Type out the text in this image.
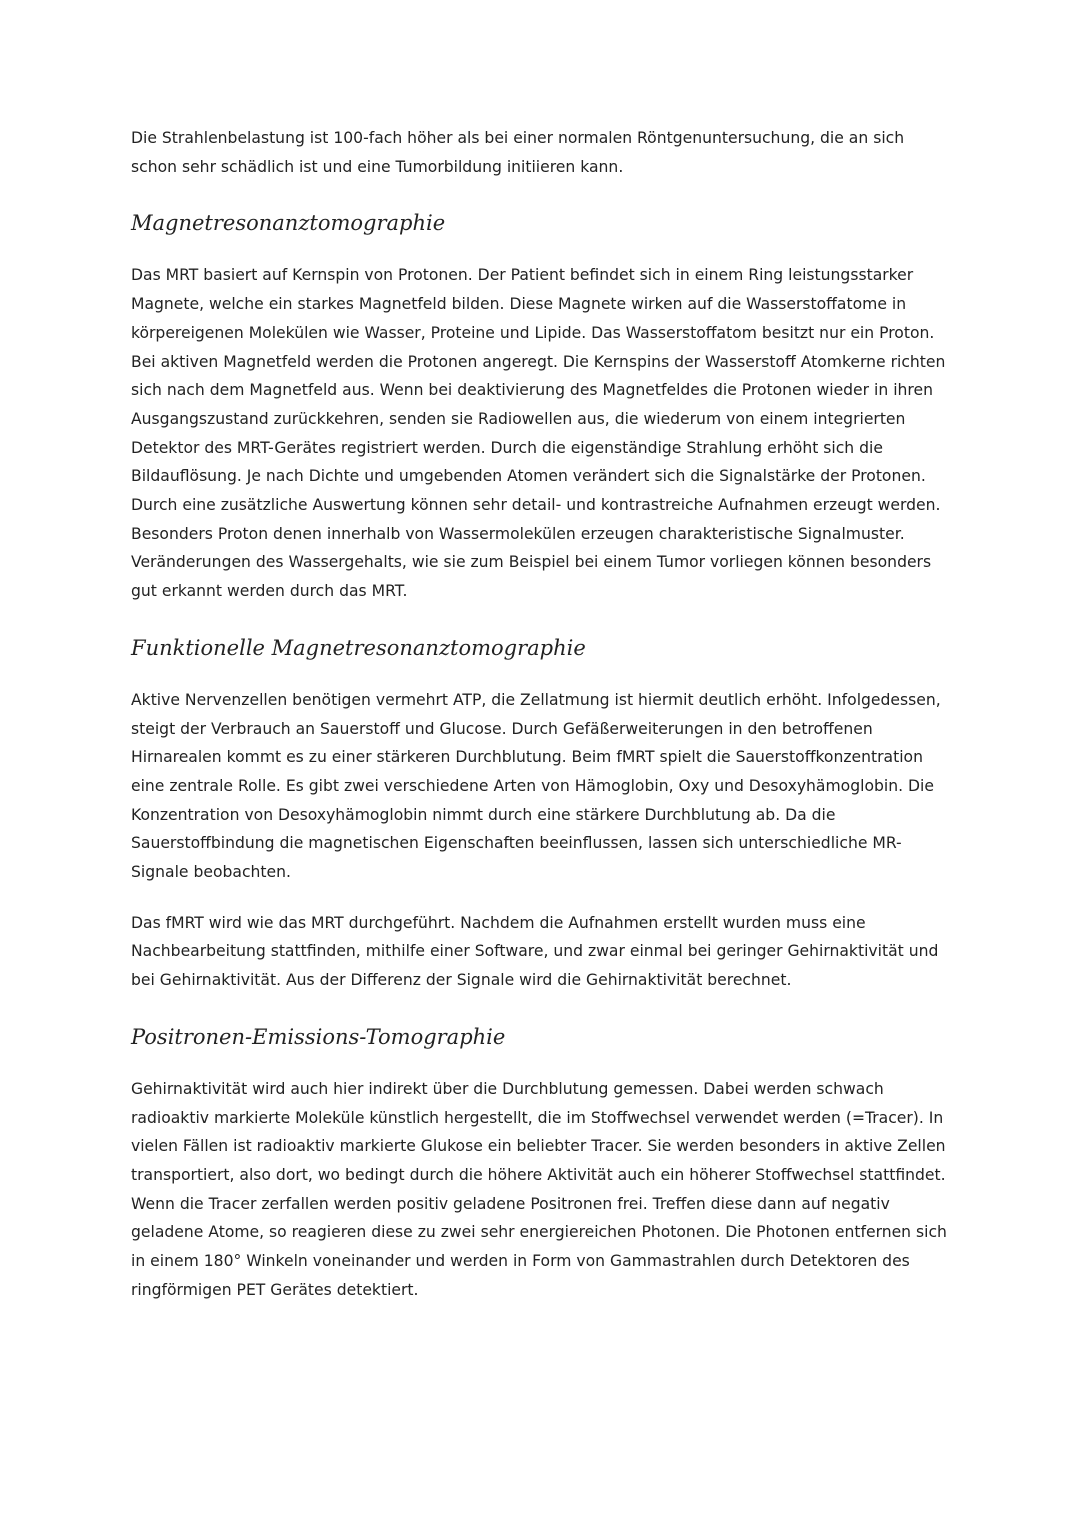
Die Strahlenbelastung ist 100-fach höher als bei einer normalen Röntgenuntersuchung, die an sich schon sehr schädlich ist und eine Tumorbildung initiieren kann.

Magnetresonanztomographie

Das MRT basiert auf Kernspin von Protonen. Der Patient befindet sich in einem Ring leistungsstarker Magnete, welche ein starkes Magnetfeld bilden. Diese Magnete wirken auf die Wasserstoffatome in körpereigenen Molekülen wie Wasser, Proteine und Lipide. Das Wasserstoffatom besitzt nur ein Proton. Bei aktiven Magnetfeld werden die Protonen angeregt. Die Kernspins der Wasserstoff Atomkerne richten sich nach dem Magnetfeld aus. Wenn bei deaktivierung des Magnetfeldes die Protonen wieder in ihren Ausgangszustand zurückkehren, senden sie Radiowellen aus, die wiederum von einem integrierten Detektor des MRT-Gerätes registriert werden. Durch die eigenständige Strahlung erhöht sich die Bildauflösung. Je nach Dichte und umgebenden Atomen verändert sich die Signalstärke der Protonen. Durch eine zusätzliche Auswertung können sehr detail- und kontrastreiche Aufnahmen erzeugt werden. Besonders Proton denen innerhalb von Wassermolekülen erzeugen charakteristische Signalmuster. Veränderungen des Wassergehalts, wie sie zum Beispiel bei einem Tumor vorliegen können besonders gut erkannt werden durch das MRT.

Funktionelle Magnetresonanztomographie

Aktive Nervenzellen benötigen vermehrt ATP, die Zellatmung ist hiermit deutlich erhöht. Infolgedessen, steigt der Verbrauch an Sauerstoff und Glucose. Durch Gefäßerweiterungen in den betroffenen Hirnarealen kommt es zu einer stärkeren Durchblutung. Beim fMRT spielt die Sauerstoffkonzentration eine zentrale Rolle. Es gibt zwei verschiedene Arten von Hämoglobin, Oxy und Desoxyhämoglobin. Die Konzentration von Desoxyhämoglobin nimmt durch eine stärkere Durchblutung ab. Da die Sauerstoffbindung die magnetischen Eigenschaften beeinflussen, lassen sich unterschiedliche MR-Signale beobachten.

Das fMRT wird wie das MRT durchgeführt. Nachdem die Aufnahmen erstellt wurden muss eine Nachbearbeitung stattfinden, mithilfe einer Software, und zwar einmal bei geringer Gehirnaktivität und bei Gehirnaktivität. Aus der Differenz der Signale wird die Gehirnaktivität berechnet.

Positronen-Emissions-Tomographie

Gehirnaktivität wird auch hier indirekt über die Durchblutung gemessen. Dabei werden schwach radioaktiv markierte Moleküle künstlich hergestellt, die im Stoffwechsel verwendet werden (=Tracer). In vielen Fällen ist radioaktiv markierte Glukose ein beliebter Tracer. Sie werden besonders in aktive Zellen transportiert, also dort, wo bedingt durch die höhere Aktivität auch ein höherer Stoffwechsel stattfindet. Wenn die Tracer zerfallen werden positiv geladene Positronen frei. Treffen diese dann auf negativ geladene Atome, so reagieren diese zu zwei sehr energiereichen Photonen. Die Photonen entfernen sich in einem 180° Winkeln voneinander und werden in Form von Gammastrahlen durch Detektoren des ringförmigen PET Gerätes detektiert.
